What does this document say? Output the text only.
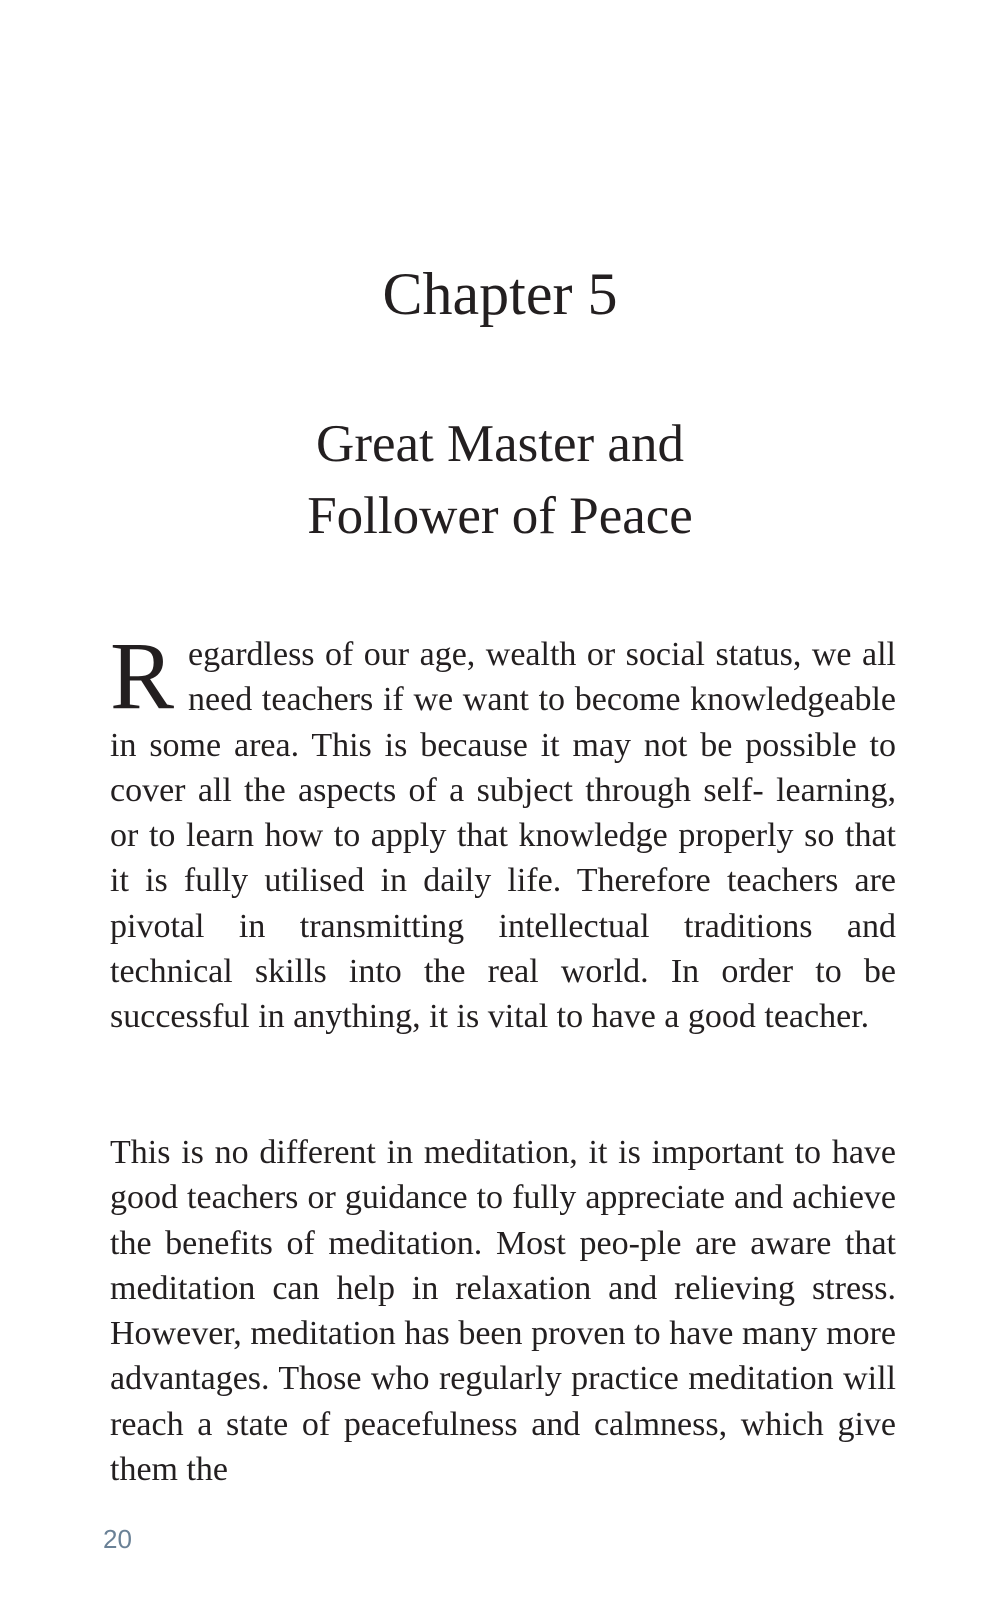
Chapter 5
Great Master and
Follower of Peace

Regardless of our age, wealth or social status, we all need teachers if we want to become knowledgeable in some area. This is because it may not be possible to cover all the aspects of a subject through self- learning, or to learn how to apply that knowledge properly so that it is fully utilised in daily life. Therefore teachers are pivotal in transmitting intellectual traditions and technical skills into the real world. In order to be successful in anything, it is vital to have a good teacher.

This is no different in meditation, it is important to have good teachers or guidance to fully appreciate and achieve the benefits of meditation. Most peo-ple are aware that meditation can help in relaxation and relieving stress. However, meditation has been proven to have many more advantages. Those who regularly practice meditation will reach a state of peacefulness and calmness, which give them the

20
